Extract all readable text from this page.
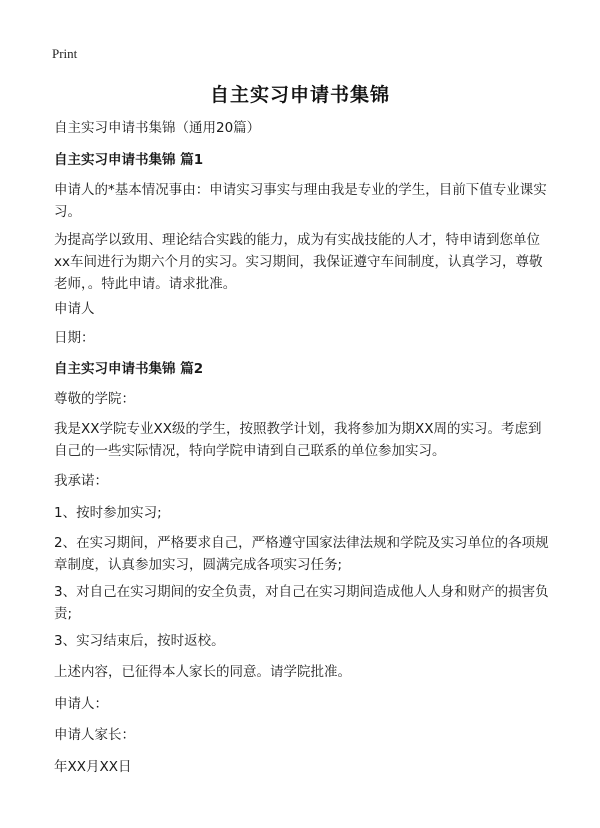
Print
自主实习申请书集锦
自主实习申请书集锦（通用20篇）
自主实习申请书集锦 篇1
申请人的*基本情况事由：申请实习事实与理由我是专业的学生，目前下值专业课实习。
为提高学以致用、理论结合实践的能力，成为有实战技能的人才，特申请到您单位xx车间进行为期六个月的实习。实习期间，我保证遵守车间制度，认真学习，尊敬老师，。特此申请。请求批准。
申请人
日期：
自主实习申请书集锦 篇2
尊敬的学院：
我是XX学院专业XX级的学生，按照教学计划，我将参加为期XX周的实习。考虑到自己的一些实际情况，特向学院申请到自己联系的单位参加实习。
我承诺：
1、按时参加实习;
2、在实习期间，严格要求自己，严格遵守国家法律法规和学院及实习单位的各项规章制度，认真参加实习，圆满完成各项实习任务;
3、对自己在实习期间的安全负责，对自己在实习期间造成他人人身和财产的损害负责;
3、实习结束后，按时返校。
上述内容，已征得本人家长的同意。请学院批准。
申请人：
申请人家长：
年XX月XX日
